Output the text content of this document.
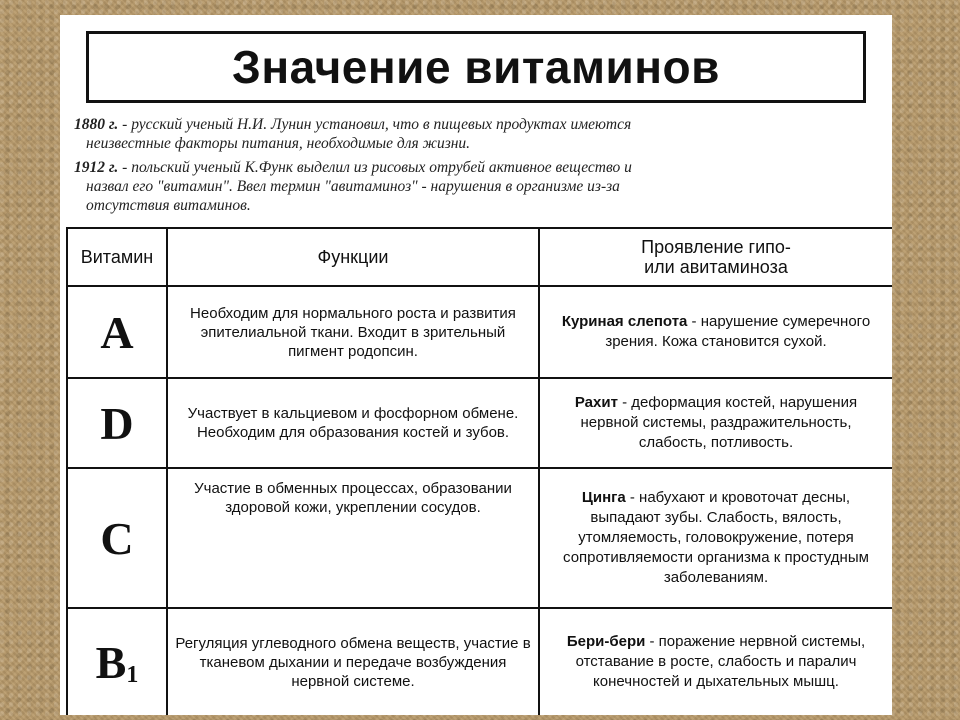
Значение витаминов
1880 г. - русский ученый Н.И. Лунин установил, что в пищевых продуктах имеются
неизвестные факторы питания, необходимые для жизни.
1912 г. - польский ученый К.Функ выделил из рисовых отрубей активное вещество и
назвал его "витамин". Ввел термин "авитаминоз" - нарушения в организме из-за
отсутствия витаминов.
Витамин	Функции	Проявление гипо-
или авитаминоза

A	Необходим для нормального роста и развития эпителиальной ткани. Входит в зрительный пигмент родопсин.	Куриная слепота - нарушение сумеречного зрения. Кожа становится сухой.
D	Участвует в кальциевом и фосфорном обмене. Необходим для образования костей и зубов.	Рахит - деформация костей, нарушения нервной системы, раздражительность, слабость, потливость.
C	Участие в обменных процессах, образовании здоровой кожи, укреплении сосудов.	Цинга - набухают и кровоточат десны, выпадают зубы. Слабость, вялость, утомляемость, головокружение, потеря сопротивляемости организма к простудным заболеваниям.
$B_1$	Регуляция углеводного обмена веществ, участие в тканевом дыхании и передаче возбуждения нервной системе.	Бери-бери - поражение нервной системы, отставание в росте, слабость и паралич конечностей и дыхательных мышц.
